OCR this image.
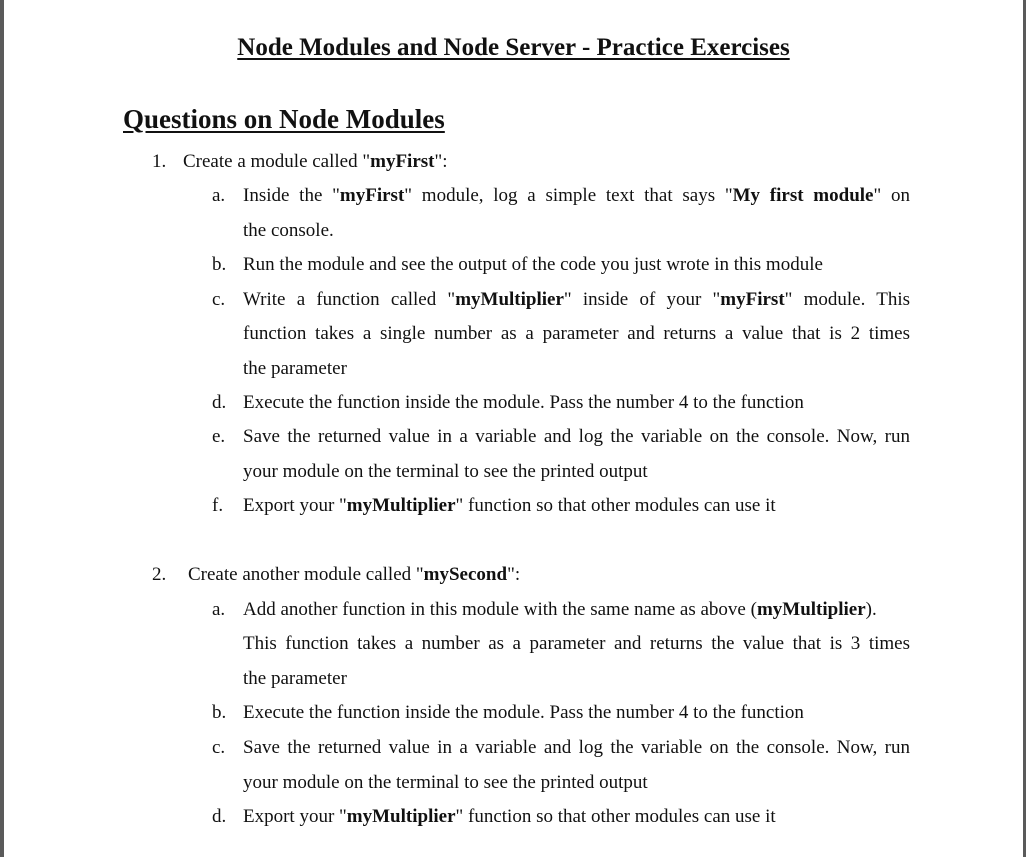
Node Modules and Node Server - Practice Exercises
Questions on Node Modules
1. Create a module called "myFirst":
a. Inside the "myFirst" module, log a simple text that says "My first module" on
the console.
b. Run the module and see the output of the code you just wrote in this module
c. Write a function called "myMultiplier" inside of your "myFirst" module. This
function takes a single number as a parameter and returns a value that is 2 times
the parameter
d. Execute the function inside the module. Pass the number 4 to the function
e. Save the returned value in a variable and log the variable on the console. Now, run
your module on the terminal to see the printed output
f. Export your "myMultiplier" function so that other modules can use it
2. Create another module called "mySecond":
a. Add another function in this module with the same name as above (myMultiplier).
This function takes a number as a parameter and returns the value that is 3 times
the parameter
b. Execute the function inside the module. Pass the number 4 to the function
c. Save the returned value in a variable and log the variable on the console. Now, run
your module on the terminal to see the printed output
d. Export your "myMultiplier" function so that other modules can use it
